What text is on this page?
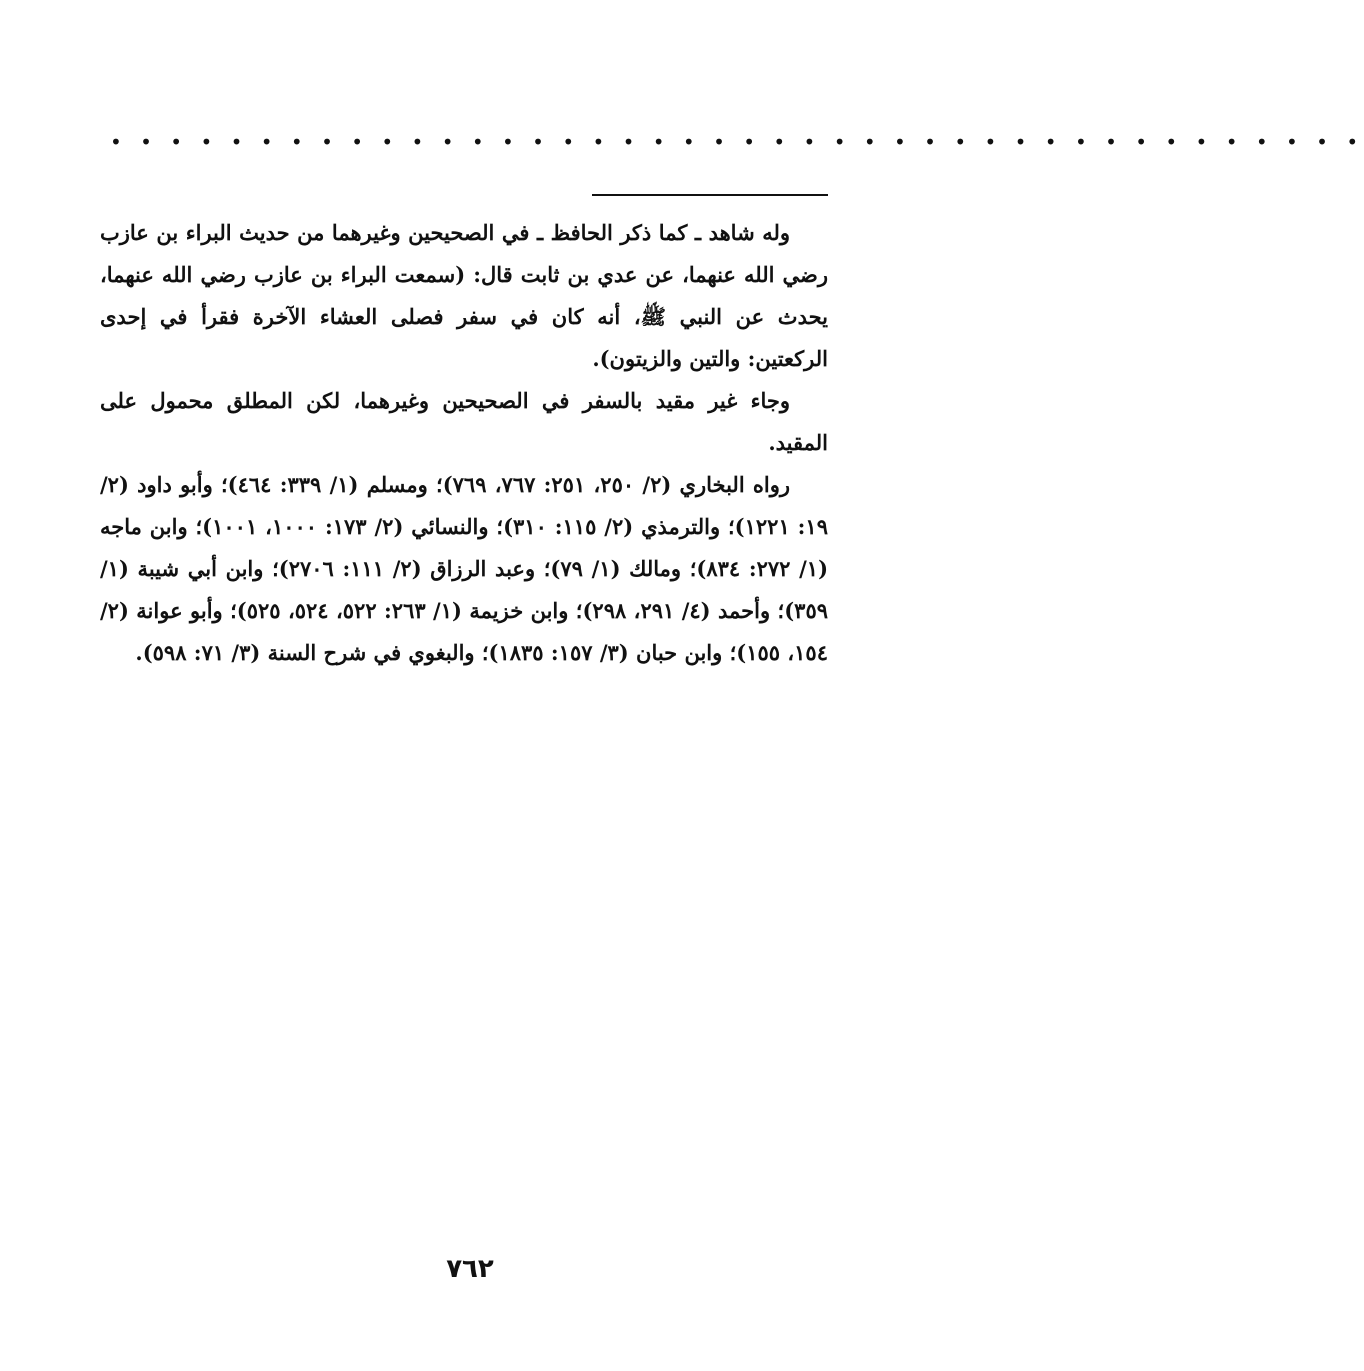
• • • • • • • • • • • • • • • • • • • • • • • • • • • • • • • • • • • • • • • • • •

وله شاهد ـ كما ذكر الحافظ ـ في الصحيحين وغيرهما من حديث البراء بن عازب رضي الله عنهما، عن عدي بن ثابت قال: (سمعت البراء بن عازب رضي الله عنهما، يحدث عن النبي ﷺ، أنه كان في سفر فصلى العشاء الآخرة فقرأ في إحدى الركعتين: والتين والزيتون).

وجاء غير مقيد بالسفر في الصحيحين وغيرهما، لكن المطلق محمول على المقيد.

رواه البخاري (٢/ ٢٥٠، ٢٥١: ٧٦٧، ٧٦٩)؛ ومسلم (١/ ٣٣٩: ٤٦٤)؛ وأبو داود (٢/ ١٩: ١٢٢١)؛ والترمذي (٢/ ١١٥: ٣١٠)؛ والنسائي (٢/ ١٧٣: ١٠٠٠، ١٠٠١)؛ وابن ماجه (١/ ٢٧٢: ٨٣٤)؛ ومالك (١/ ٧٩)؛ وعبد الرزاق (٢/ ١١١: ٢٧٠٦)؛ وابن أبي شيبة (١/ ٣٥٩)؛ وأحمد (٤/ ٢٩١، ٢٩٨)؛ وابن خزيمة (١/ ٢٦٣: ٥٢٢، ٥٢٤، ٥٢٥)؛ وأبو عوانة (٢/ ١٥٤، ١٥٥)؛ وابن حبان (٣/ ١٥٧: ١٨٣٥)؛ والبغوي في شرح السنة (٣/ ٧١: ٥٩٨).

٧٦٢
